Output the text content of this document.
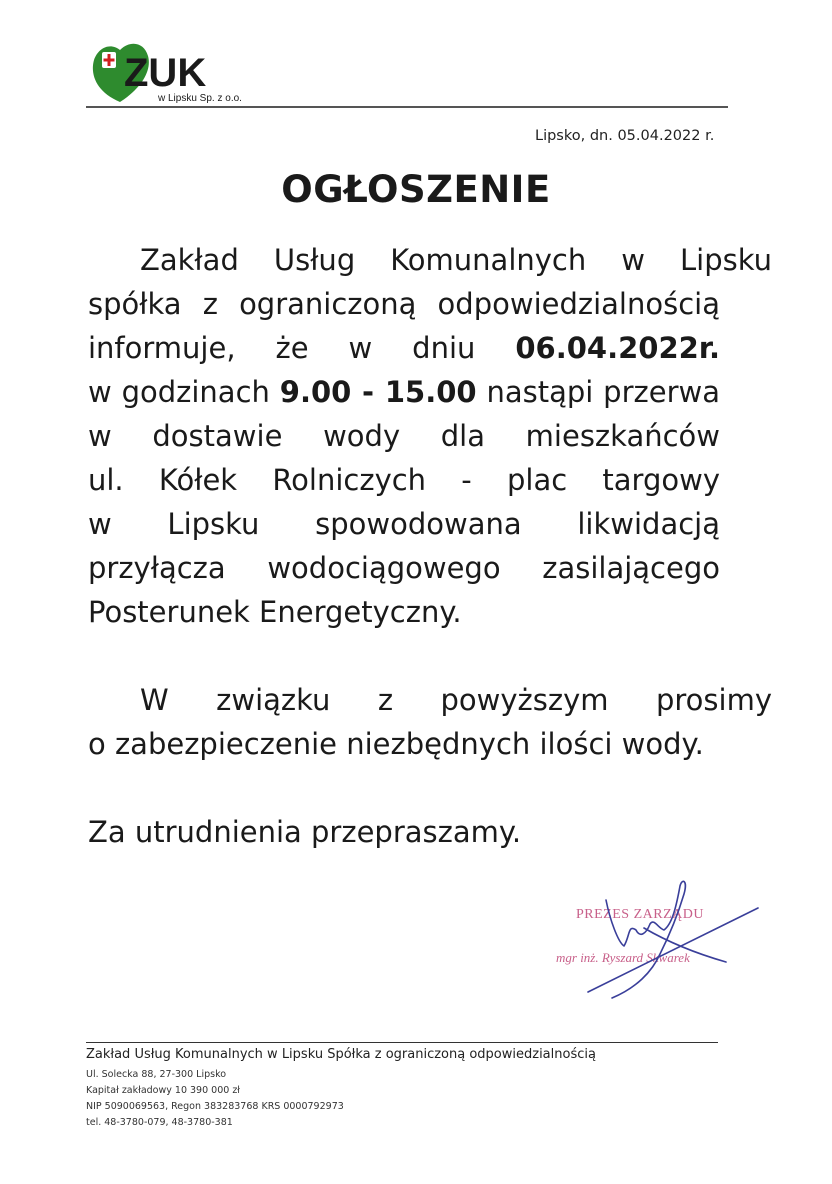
ZUK
w Lipsku Sp. z o.o.
Lipsko, dn. 05.04.2022 r.
OGŁOSZENIE
Zakład Usług Komunalnych w Lipsku
spółka z ograniczoną odpowiedzialnością
informuje, że w dniu 06.04.2022r.
w godzinach 9.00 - 15.00 nastąpi przerwa
w dostawie wody dla mieszkańców
ul. Kółek Rolniczych - plac targowy
w Lipsku spowodowana likwidacją
przyłącza wodociągowego zasilającego
Posterunek Energetyczny.
W związku z powyższym prosimy
o zabezpieczenie niezbędnych ilości wody.
Za utrudnienia przepraszamy.
PREZES ZARZĄDU
mgr inż. Ryszard Skwarek
Zakład Usług Komunalnych w Lipsku Spółka z ograniczoną odpowiedzialnością
Ul. Solecka 88, 27-300 Lipsko
Kapitał zakładowy 10 390 000 zł
NIP 5090069563, Regon 383283768 KRS 0000792973
tel. 48-3780-079, 48-3780-381
